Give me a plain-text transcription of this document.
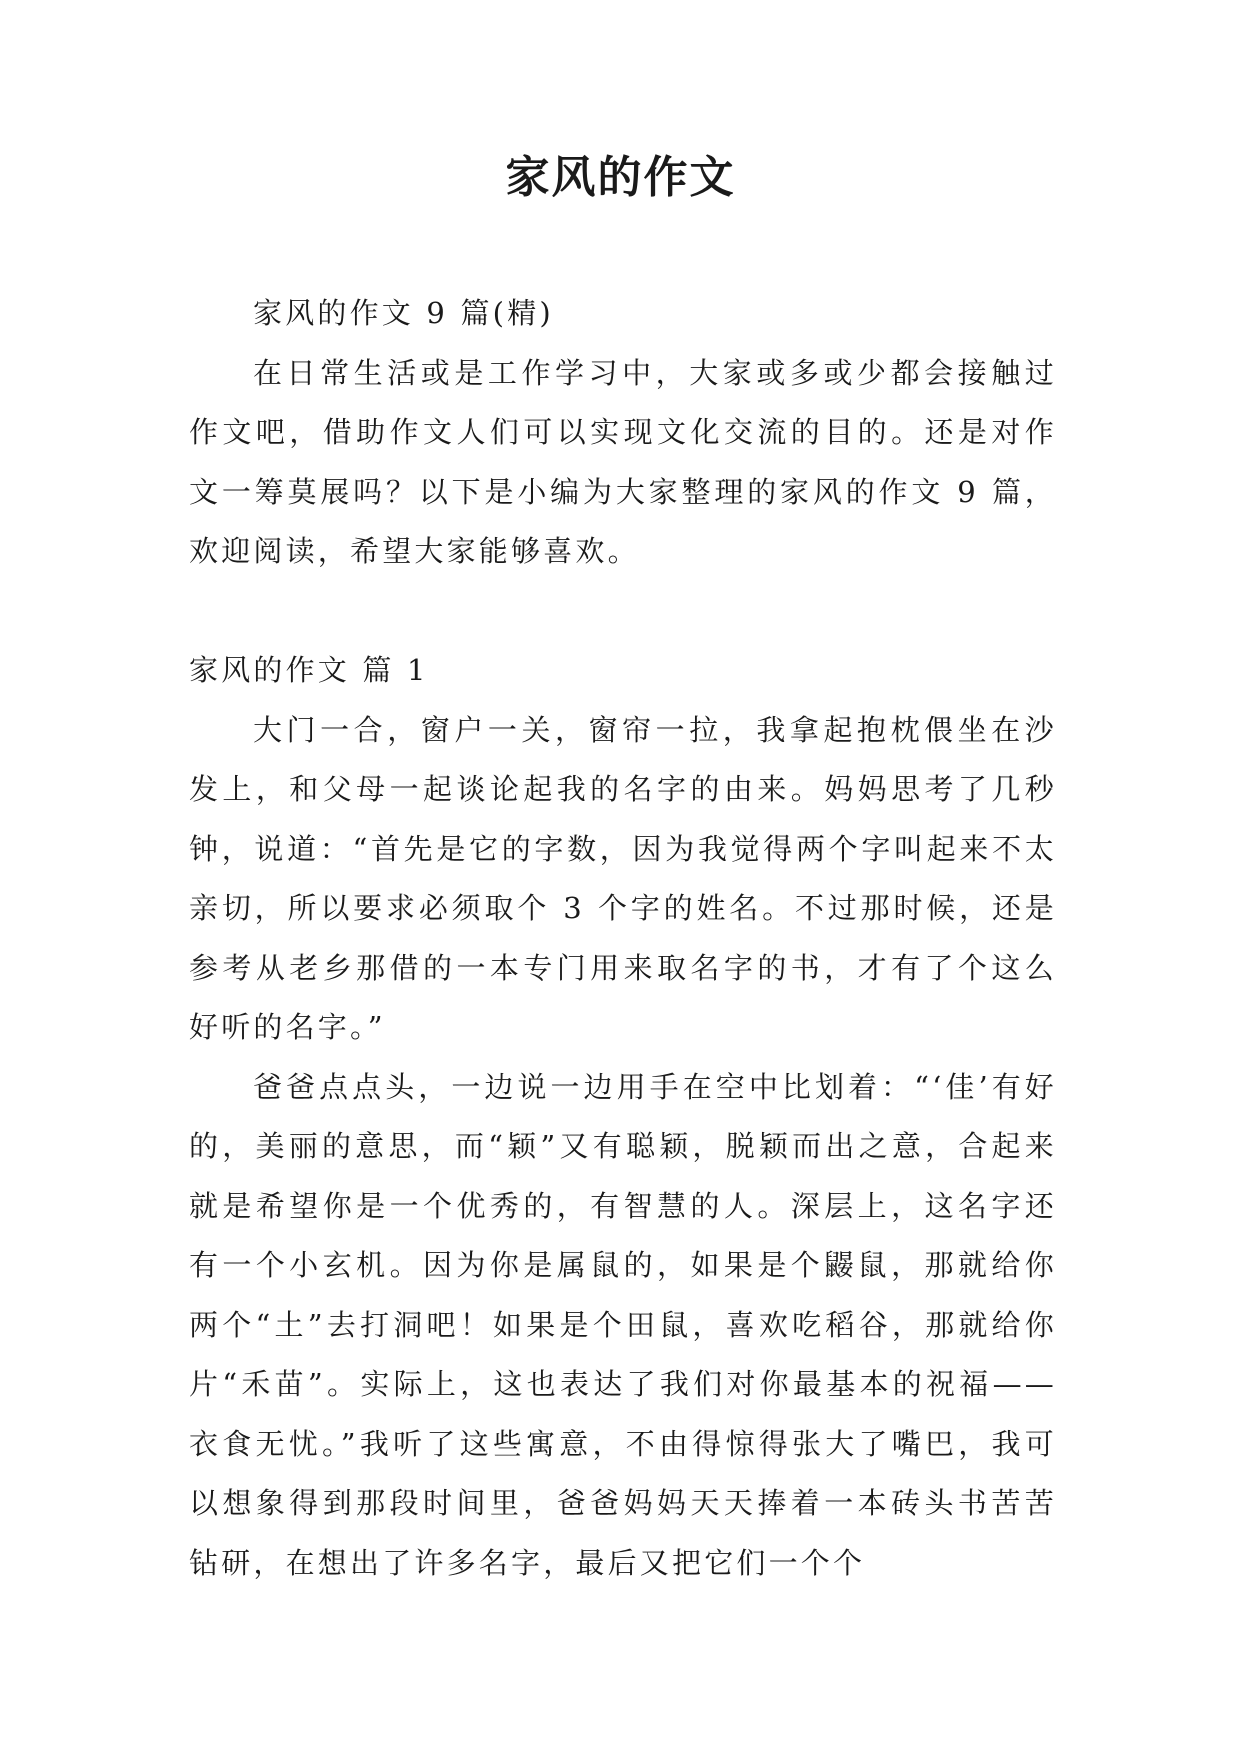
家风的作文

家风的作文 9 篇(精)

在日常生活或是工作学习中，大家或多或少都会接触过作文吧，借助作文人们可以实现文化交流的目的。还是对作文一筹莫展吗？以下是小编为大家整理的家风的作文 9 篇，欢迎阅读，希望大家能够喜欢。

家风的作文 篇 1

大门一合，窗户一关，窗帘一拉，我拿起抱枕偎坐在沙发上，和父母一起谈论起我的名字的由来。妈妈思考了几秒钟，说道：“首先是它的字数，因为我觉得两个字叫起来不太亲切，所以要求必须取个 3 个字的姓名。不过那时候，还是参考从老乡那借的一本专门用来取名字的书，才有了个这么好听的名字。”

爸爸点点头，一边说一边用手在空中比划着：“‘佳’有好的，美丽的意思，而“颖”又有聪颖，脱颖而出之意，合起来就是希望你是一个优秀的，有智慧的人。深层上，这名字还有一个小玄机。因为你是属鼠的，如果是个鼹鼠，那就给你两个“土”去打洞吧！如果是个田鼠，喜欢吃稻谷，那就给你片“禾苗”。实际上，这也表达了我们对你最基本的祝福——衣食无忧。”我听了这些寓意，不由得惊得张大了嘴巴，我可以想象得到那段时间里，爸爸妈妈天天捧着一本砖头书苦苦钻研，在想出了许多名字，最后又把它们一个个
